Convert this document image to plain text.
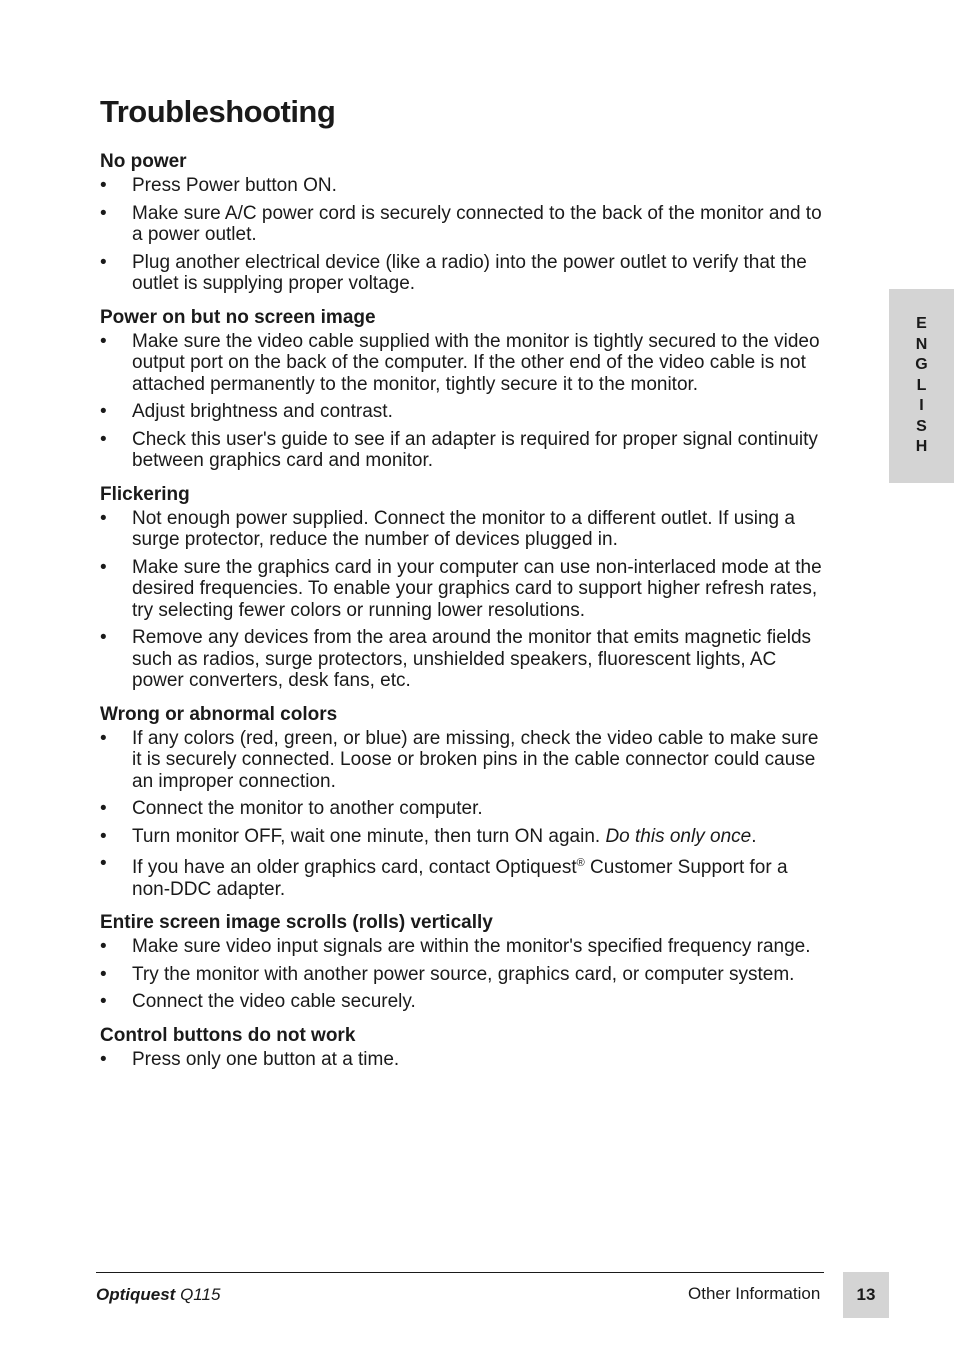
Troubleshooting
No power
•	Press Power button ON.
•	Make sure A/C power cord is securely connected to the back of the monitor and to a power outlet.
•	Plug another electrical device (like a radio) into the power outlet to verify that the outlet is supplying proper voltage.
Power on but no screen image
•	Make sure the video cable supplied with the monitor is tightly secured to the video output port on the back of the computer. If the other end of the video cable is not attached permanently to the monitor, tightly secure it to the monitor.
•	Adjust brightness and contrast.
•	Check this user's guide to see if an adapter is required for proper signal continuity between graphics card and monitor.
Flickering
•	Not enough power supplied. Connect the monitor to a different outlet. If using a surge protector, reduce the number of devices plugged in.
•	Make sure the graphics card in your computer can use non-interlaced mode at the desired frequencies. To enable your graphics card to support higher refresh rates, try selecting fewer colors or running lower resolutions.
•	Remove any devices from the area around the monitor that emits magnetic fields such as radios, surge protectors, unshielded speakers, fluorescent lights, AC power converters, desk fans, etc.
Wrong or abnormal colors
•	If any colors (red, green, or blue) are missing, check the video cable to make sure it is securely connected. Loose or broken pins in the cable connector could cause an improper connection.
•	Connect the monitor to another computer.
•	Turn monitor OFF, wait one minute, then turn ON again. Do this only once.
•	If you have an older graphics card, contact Optiquest® Customer Support for a non-DDC adapter.
Entire screen image scrolls (rolls) vertically
•	Make sure video input signals are within the monitor's specified frequency range.
•	Try the monitor with another power source, graphics card, or computer system.
•	Connect the video cable securely.
Control buttons do not work
•	Press only one button at a time.
E
N
G
L
I
S
H
Optiquest Q115	Other Information	13
